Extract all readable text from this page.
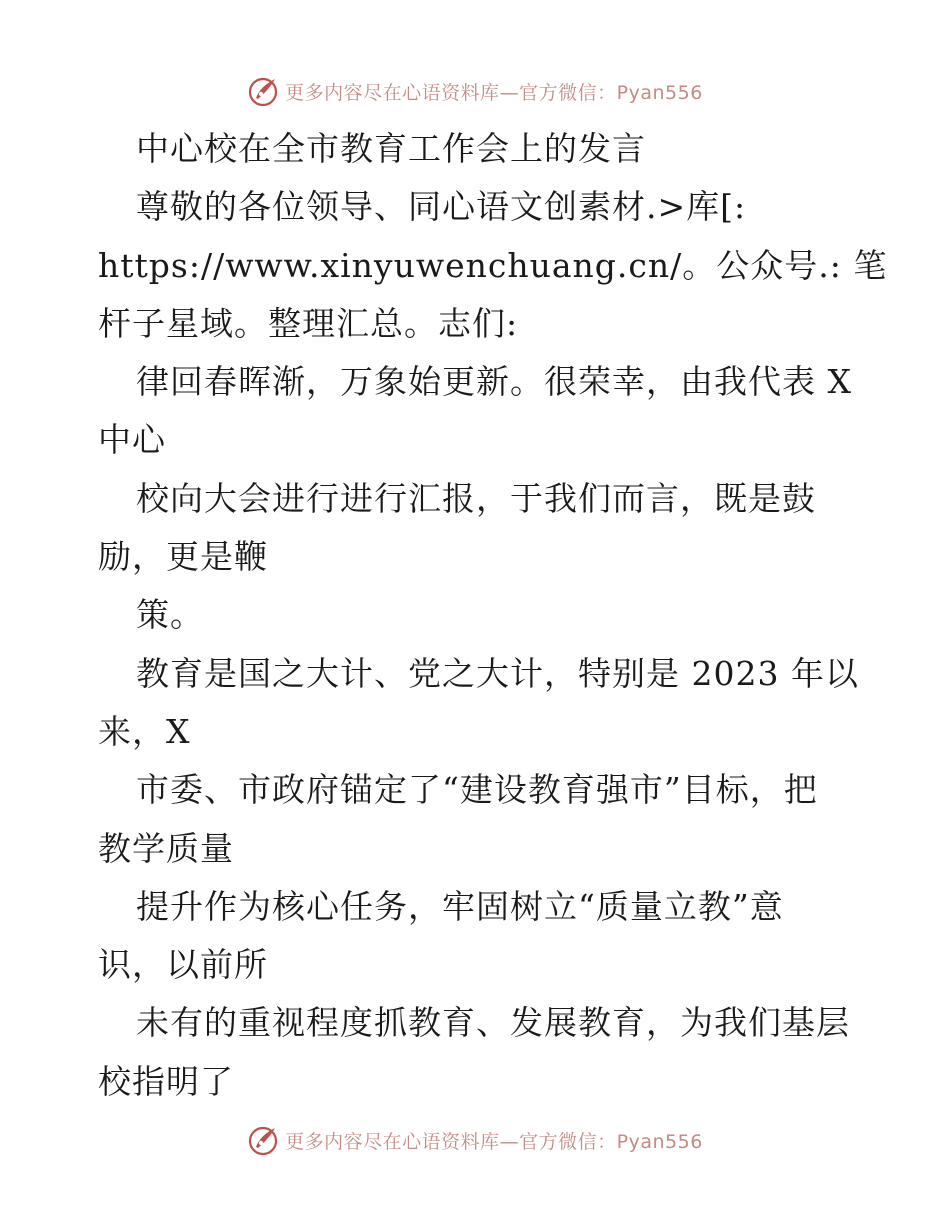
更多内容尽在心语资料库—官方微信：Pyan556
中心校在全市教育工作会上的发言
尊敬的各位领导、同心语文创素材.>库[:
https://www.xinyuwenchuang.cn/。公众号.: 笔
杆子星域。整理汇总。志们:
律回春晖渐，万象始更新。很荣幸，由我代表 X
中心
校向大会进行进行汇报，于我们而言，既是鼓
励，更是鞭
策。
教育是国之大计、党之大计，特别是 2023 年以
来，X
市委、市政府锚定了“建设教育强市”目标，把
教学质量
提升作为核心任务，牢固树立“质量立教”意
识，以前所
未有的重视程度抓教育、发展教育，为我们基层
校指明了
更多内容尽在心语资料库—官方微信：Pyan556
